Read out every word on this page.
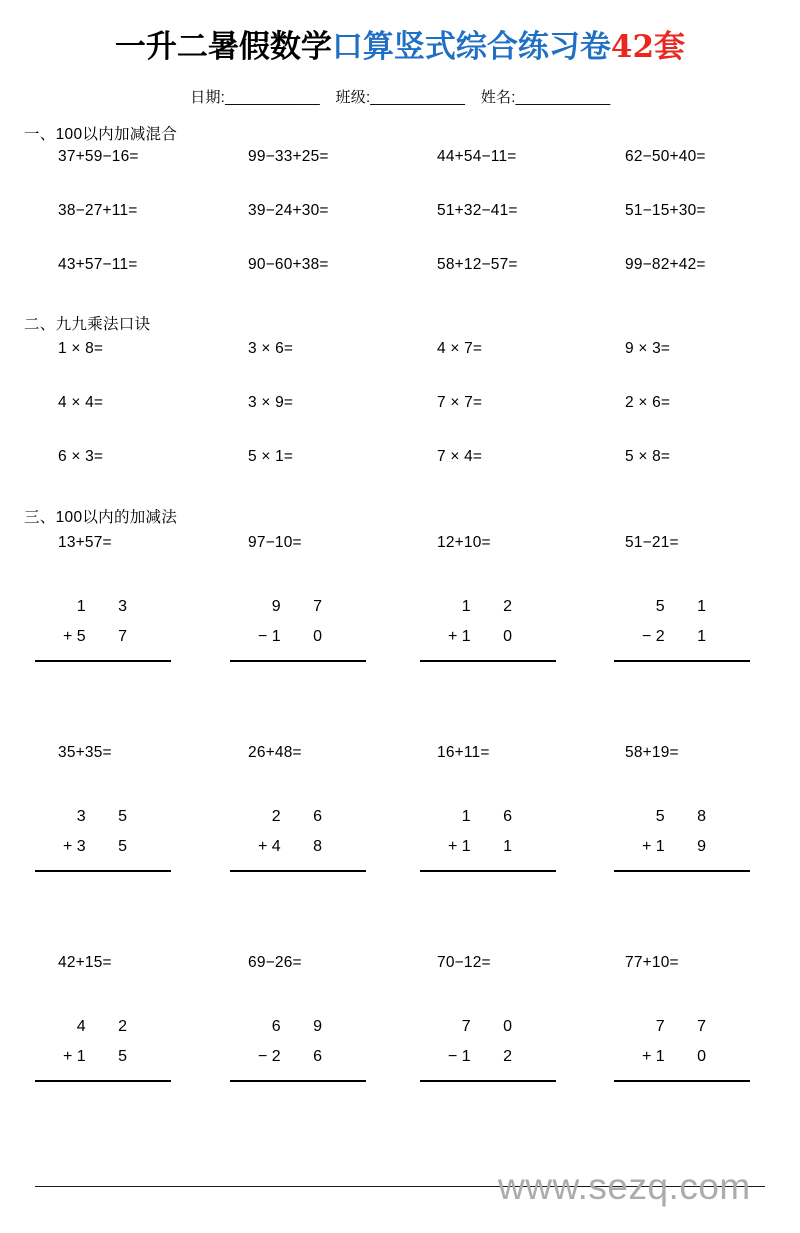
一升二暑假数学口算竖式综合练习卷42套
日期:____________ 班级:____________ 姓名:____________
一、100以内加减混合
37+59−16=	99−33+25=	44+54−11=	62−50+40=
38−27+11=	39−24+30=	51+32−41=	51−15+30=
43+57−11=	90−60+38=	58+12−57=	99−82+42=
二、九九乘法口诀
1 × 8=	3 × 6=	4 × 7=	9 × 3=
4 × 4=	3 × 9=	7 × 7=	2 × 6=
6 × 3=	5 × 1=	7 × 4=	5 × 8=
三、100以内的加减法
13+57=	97−10=	12+10=	51−21=
1 3
+ 5 7
9 7
− 1 0
1 2
+ 1 0
5 1
− 2 1
35+35=	26+48=	16+11=	58+19=
3 5
+ 3 5
2 6
+ 4 8
1 6
+ 1 1
5 8
+ 1 9
42+15=	69−26=	70−12=	77+10=
4 2
+ 1 5
6 9
− 2 6
7 0
− 1 2
7 7
+ 1 0
www.sezq.com
